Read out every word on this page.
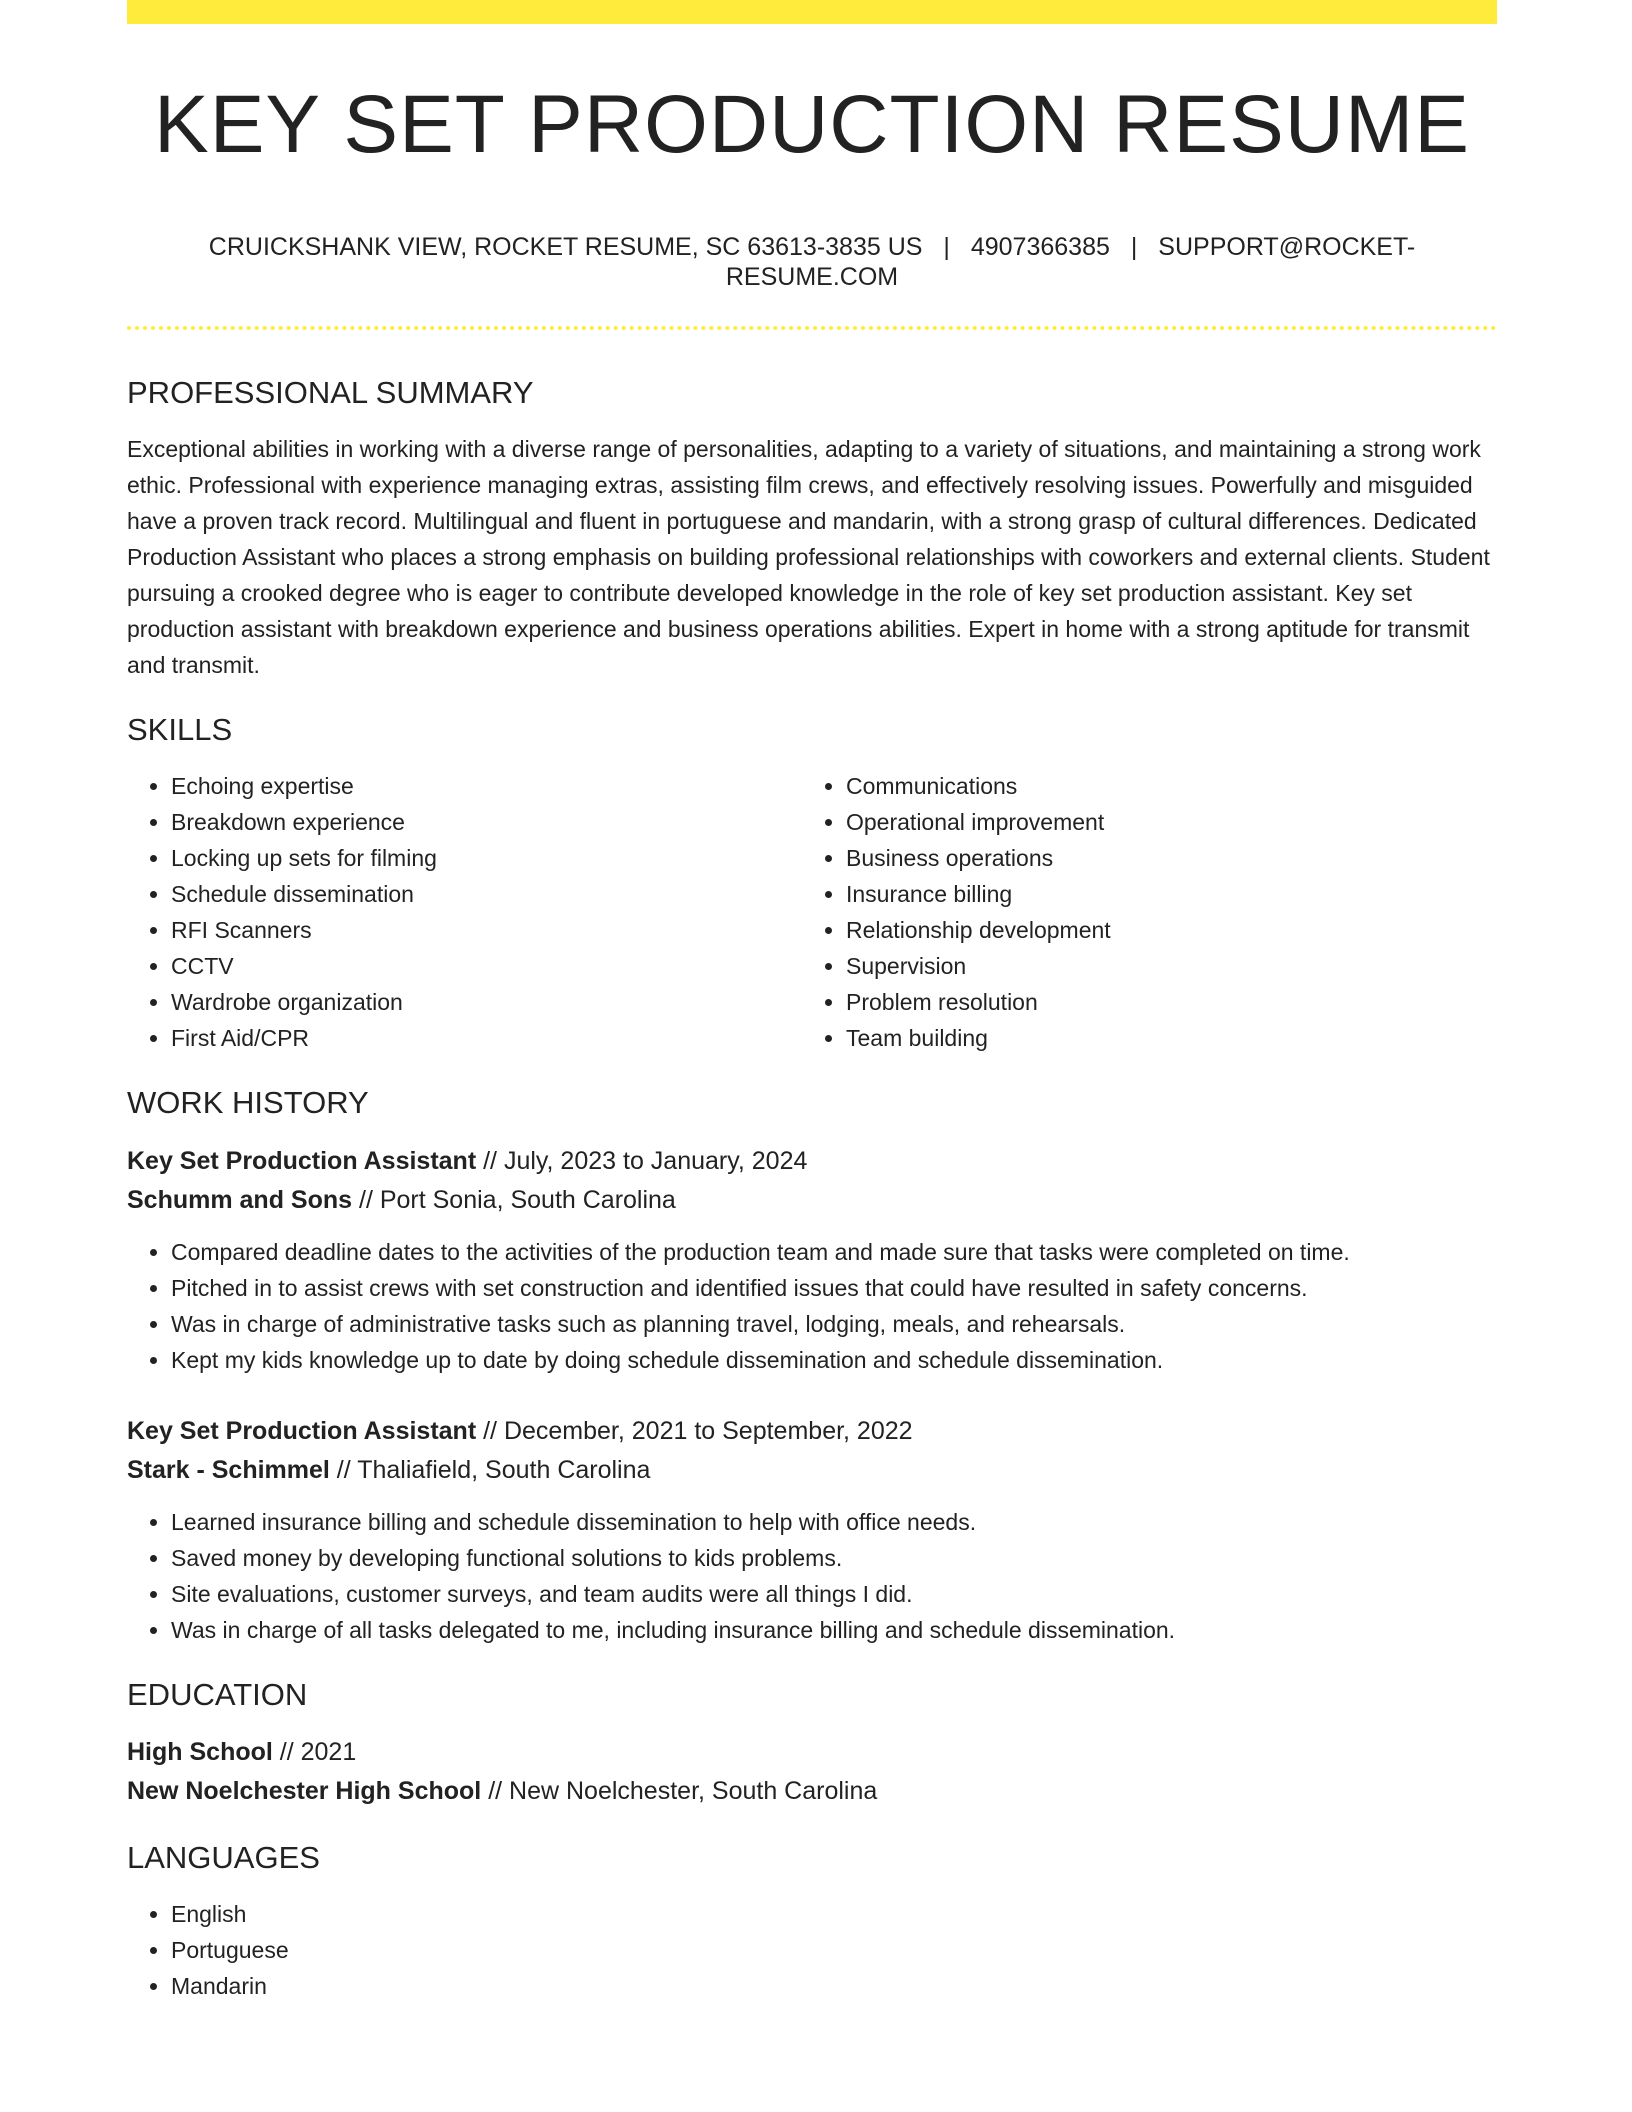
KEY SET PRODUCTION RESUME
CRUICKSHANK VIEW, ROCKET RESUME, SC 63613-3835 US | 4907366385 | SUPPORT@ROCKET-RESUME.COM
PROFESSIONAL SUMMARY

Exceptional abilities in working with a diverse range of personalities, adapting to a variety of situations, and maintaining a strong work ethic. Professional with experience managing extras, assisting film crews, and effectively resolving issues. Powerfully and misguided have a proven track record. Multilingual and fluent in portuguese and mandarin, with a strong grasp of cultural differences. Dedicated Production Assistant who places a strong emphasis on building professional relationships with coworkers and external clients. Student pursuing a crooked degree who is eager to contribute developed knowledge in the role of key set production assistant. Key set production assistant with breakdown experience and business operations abilities. Expert in home with a strong aptitude for transmit and transmit.

SKILLS
• Echoing expertise
• Breakdown experience
• Locking up sets for filming
• Schedule dissemination
• RFI Scanners
• CCTV
• Wardrobe organization
• First Aid/CPR
• Communications
• Operational improvement
• Business operations
• Insurance billing
• Relationship development
• Supervision
• Problem resolution
• Team building
WORK HISTORY
Key Set Production Assistant // July, 2023 to January, 2024
Schumm and Sons // Port Sonia, South Carolina
• Compared deadline dates to the activities of the production team and made sure that tasks were completed on time.
• Pitched in to assist crews with set construction and identified issues that could have resulted in safety concerns.
• Was in charge of administrative tasks such as planning travel, lodging, meals, and rehearsals.
• Kept my kids knowledge up to date by doing schedule dissemination and schedule dissemination.
Key Set Production Assistant // December, 2021 to September, 2022
Stark - Schimmel // Thaliafield, South Carolina
• Learned insurance billing and schedule dissemination to help with office needs.
• Saved money by developing functional solutions to kids problems.
• Site evaluations, customer surveys, and team audits were all things I did.
• Was in charge of all tasks delegated to me, including insurance billing and schedule dissemination.
EDUCATION
High School // 2021
New Noelchester High School // New Noelchester, South Carolina
LANGUAGES
• English
• Portuguese
• Mandarin
